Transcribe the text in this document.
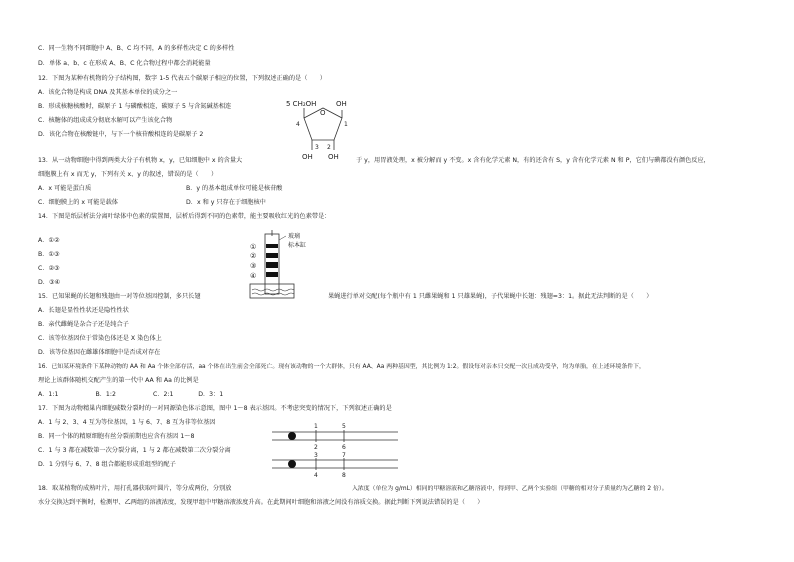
C．同一生物不同细胞中 A、B、C 均不同，A 的多样性决定 C 的多样性
D．单体 a、b、c 在形成 A、B、C 化合物过程中都会消耗能量
12．下图为某种有机物的分子结构图，数字 1-5 代表五个碳原子相应的位置，下列叙述正确的是（　　）
A．该化合物是构成 DNA 及其基本单位的成分之一
B．形成核糖核酸时，碳原子 1 与磷酸相连，碳原子 5 与含氮碱基相连
C．核糖体的组成成分彻底水解可以产生该化合物
D．该化合物在核酸链中，与下一个核苷酸相连的是碳原子 2
5 CH₂OH
O
OH
1
2
3
4
OH OH
13．从一动物细胞中得到两类大分子有机物 x，y，已知细胞中 x 的含量大	于 y，用胃液处理，x 被分解而 y 不变。x 含有化学元素 N，有的还含有 S，y 含有化学元素 N 和 P，它们与碘都没有颜色反应，
细胞膜上有 x 而无 y，下列有关 x、y 的叙述，错误的是（　　）
A．x 可能是蛋白质	B．y 的基本组成单位可能是核苷酸
C．细胞膜上的 x 可能是载体	D．x 和 y 只存在于细胞核中
14．下图是纸层析法分离叶绿体中色素的装置图，层析后得到不同的色素带，能主要吸收红光的色素带是：
A．①②
B．①③
C．②③
D．③④
①
②
③
④
玻璃
标本缸
15．已知果蝇的长翅和残翅由一对等位基因控制，多只长翅	果蝇进行单对交配(每个瓶中有 1 只雌果蝇和 1 只雄果蝇)，子代果蝇中长翅：残翅=3：1。据此无法判断的是（　　）
A．长翅是显性性状还是隐性性状
B．亲代雌蝇是杂合子还是纯合子
C．该等位基因位于常染色体还是 X 染色体上
D．该等位基因在雌雄体细胞中是否成对存在
16．已知某环境条件下某种动物的 AA 和 Aa 个体全部存活，aa 个体在出生前会全部死亡。现有该动物的一个大群体，只有 AA、Aa 两种基因型，其比例为 1:2。假设每对亲本只交配一次且成功受孕，均为单胎，在上述环境条件下，
理论上该群体随机交配产生的第一代中 AA 和 Aa 的比例是
A．1:1　　　　　　B．1:2　　　　　　C．2:1　　　　D．3：1
17．下图为动物精巢内细胞减数分裂时的一对同源染色体示意图，图中 1～8 表示基因。不考虑突变的情况下，下列叙述正确的是
A．1 与 2、3、4 互为等位基因，1 与 6、7、8 互为非等位基因
B．同一个体的精原细胞有丝分裂前期也应含有基因 1～8
C．1 与 3 都在减数第一次分裂分离，1 与 2 都在减数第二次分裂分离
D．1 分别与 6、7、8 组合都能形成重组型的配子
1	5
2	6
3	7
4	8
18．取某植物的成熟叶片，用打孔器获取叶圆片，等分成两份，分别放	入浓度（单位为 g/mL）相同的甲糖溶液和乙糖溶液中，得到甲、乙两个实验组（甲糖的相对分子质量约为乙糖的 2 倍）。
水分交换达到平衡时，检测甲、乙两组的溶液浓度，发现甲组中甲糖溶液浓度升高。在此期间叶细胞和溶液之间没有溶质交换。据此判断下列说法错误的是（　　）
